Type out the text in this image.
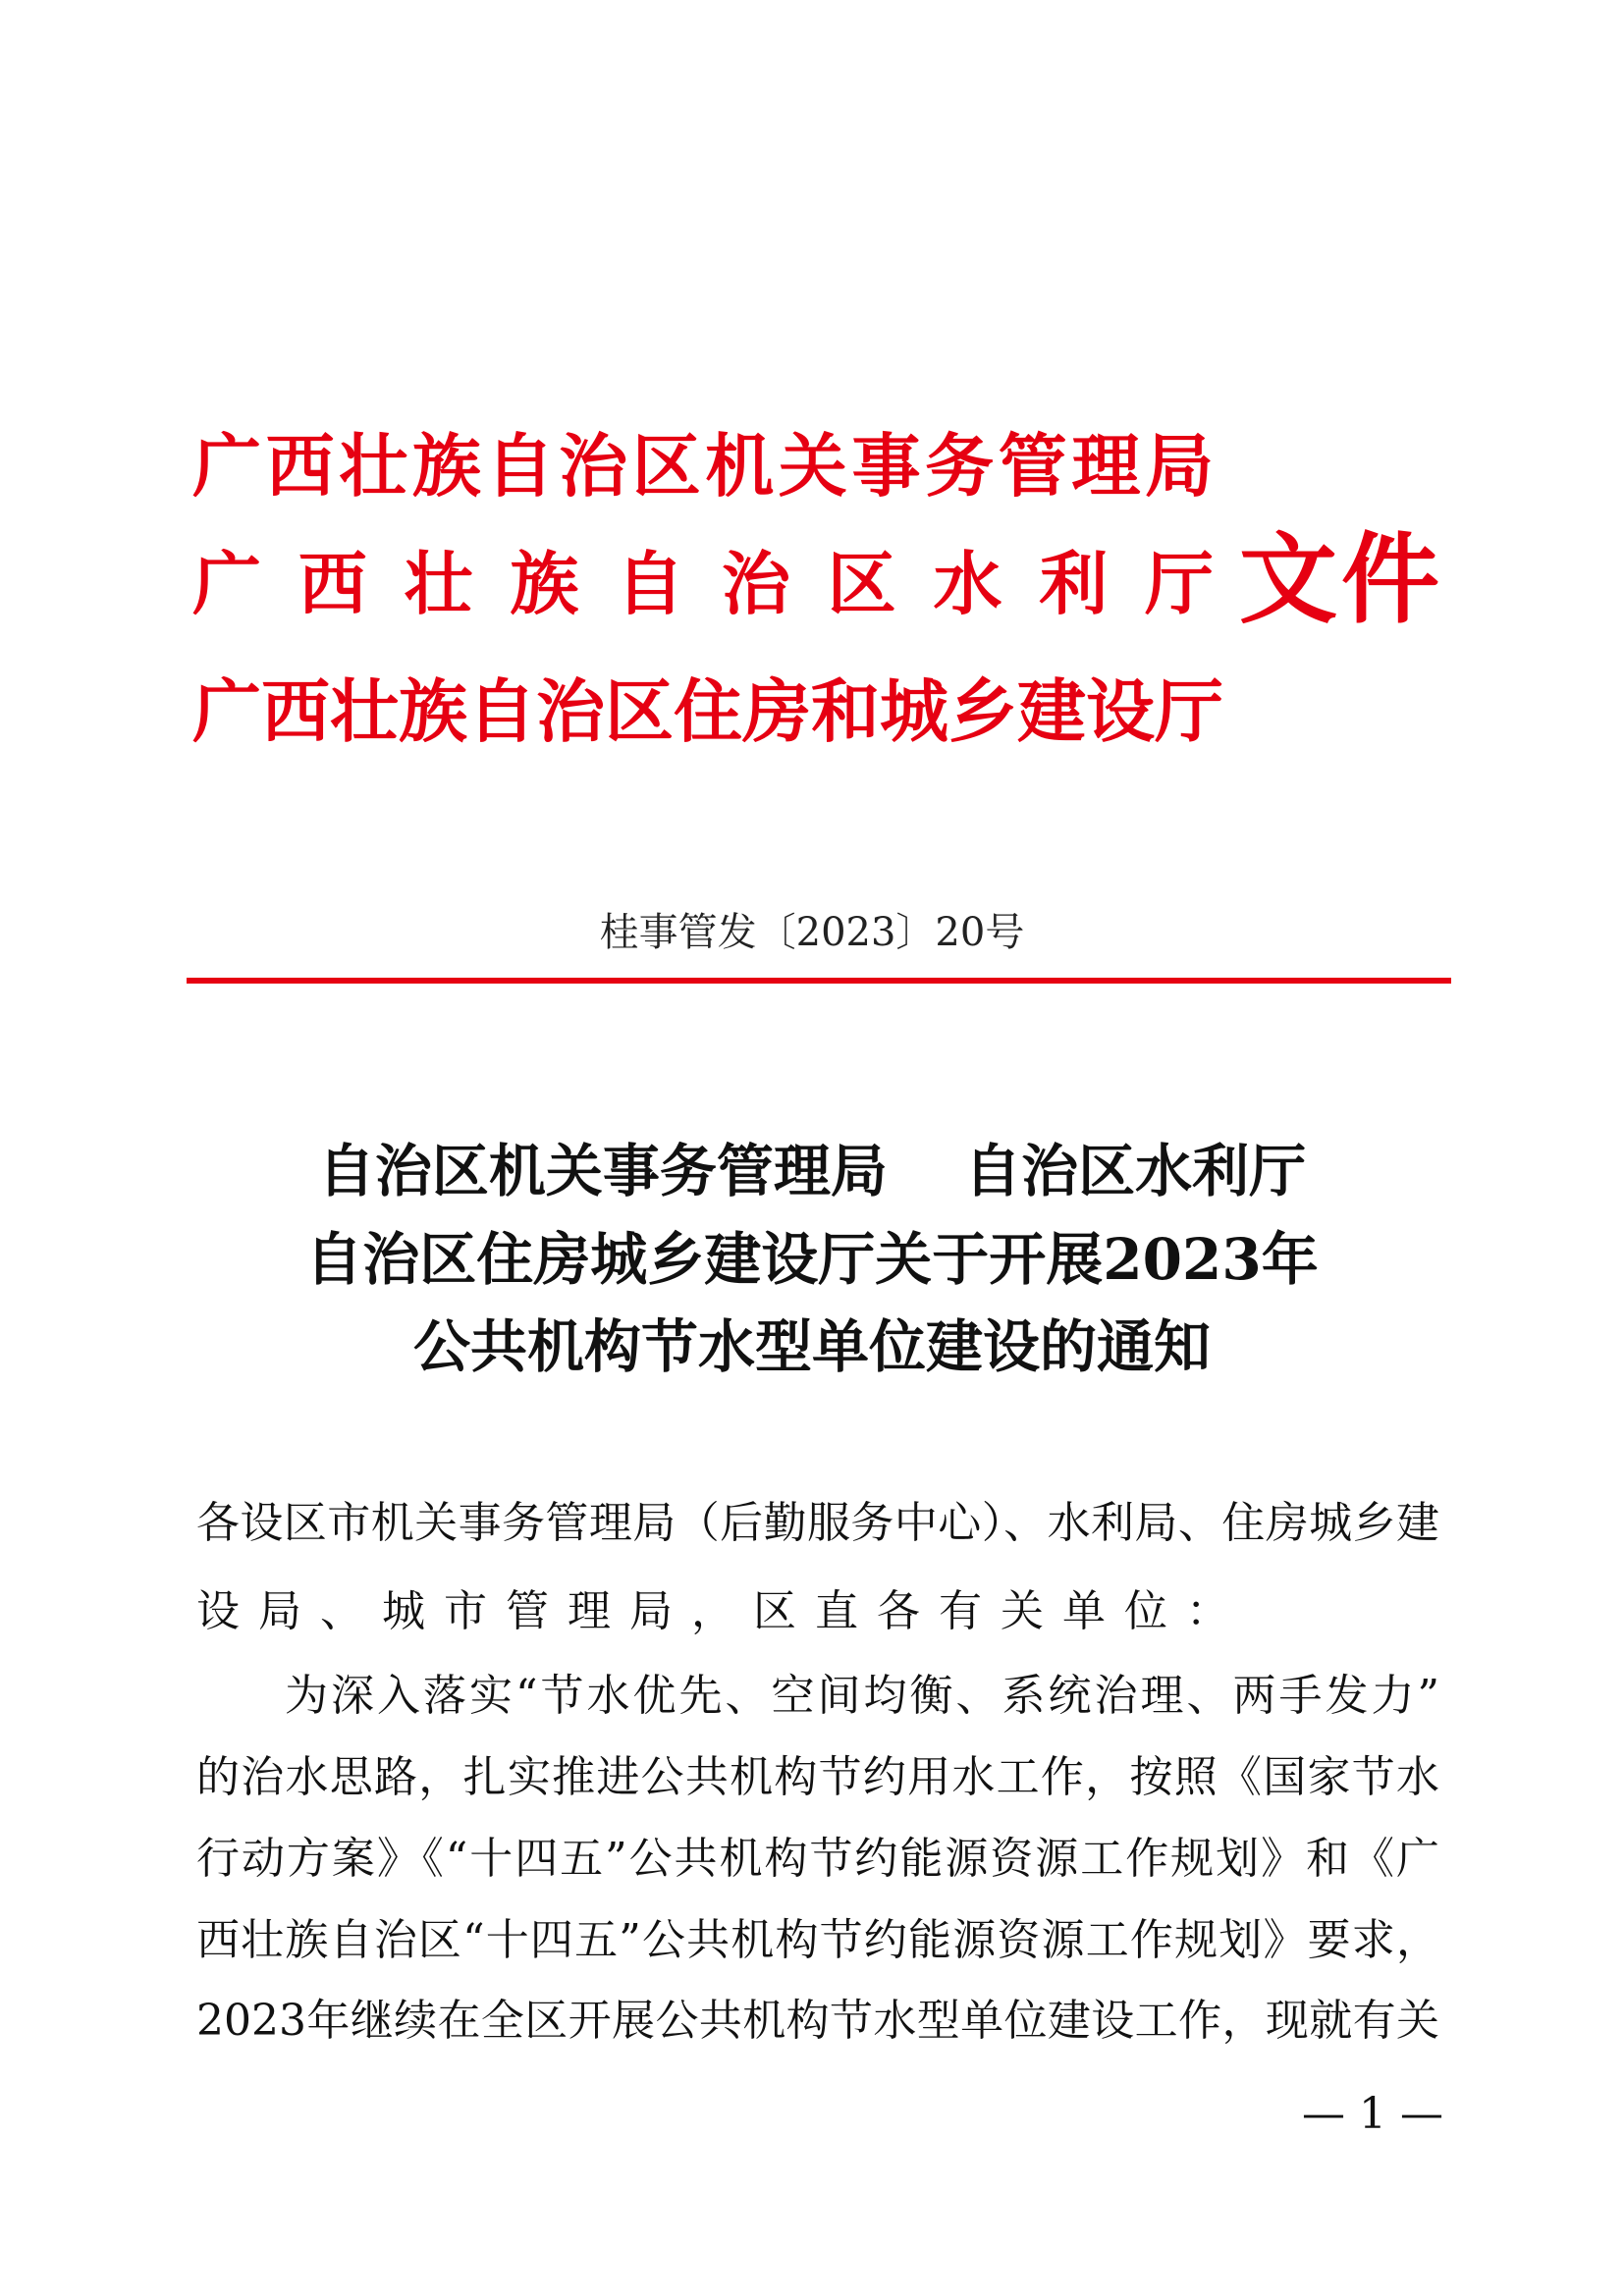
广西壮族自治区机关事务管理局
广西壮族自治区水利厅
广西壮族自治区住房和城乡建设厅
文件
桂事管发〔2023〕20号
自治区机关事务管理局　 自治区水利厅
自治区住房城乡建设厅关于开展2023年
公共机构节水型单位建设的通知
各设区市机关事务管理局（后勤服务中心）、水利局、住房城乡建
设局、城市管理局，区直各有关单位：
为深入落实“节水优先、空间均衡、系统治理、两手发力”
的治水思路，扎实推进公共机构节约用水工作，按照《国家节水
行动方案》《“十四五”公共机构节约能源资源工作规划》和《广
西壮族自治区“十四五”公共机构节约能源资源工作规划》要求，
2023年继续在全区开展公共机构节水型单位建设工作，现就有关
— 1 —
